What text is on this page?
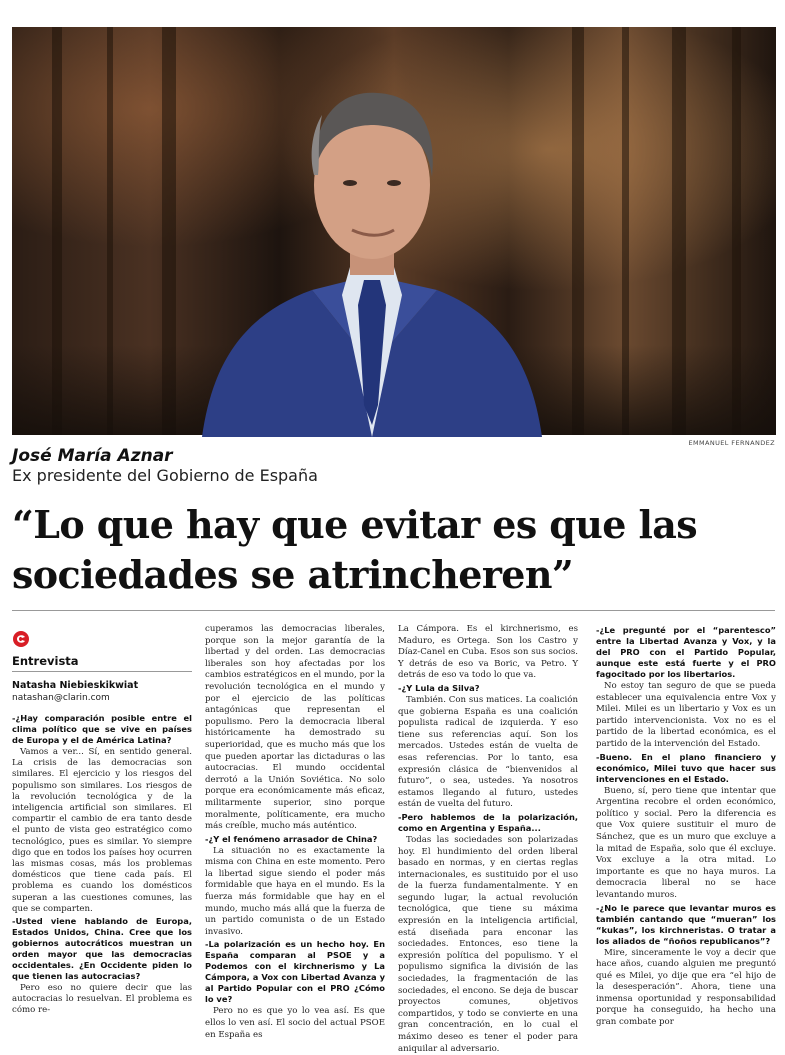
EMMANUEL FERNANDEZ
José María Aznar
Ex presidente del Gobierno de España
“Lo que hay que evitar es que las sociedades se atrincheren”
Entrevista
Natasha Niebieskikwiat
natashan@clarin.com
-¿Hay comparación posible entre el clima político que se vive en países de Europa y el de América Latina?

Vamos a ver... Sí, en sentido general. La crisis de las democracias son similares. El ejercicio y los riesgos del populismo son similares. Los riesgos de la revolución tecnológica y de la inteligencia artificial son similares. El compartir el cambio de era tanto desde el punto de vista geo estratégico como tecnológico, pues es similar. Yo siempre digo que en todos los países hoy ocurren las mismas cosas, más los problemas domésticos que tiene cada país. El problema es cuando los domésticos superan a las cuestiones comunes, las que se comparten.

-Usted viene hablando de Europa, Estados Unidos, China. Cree que los gobiernos autocráticos muestran un orden mayor que las democracias occidentales. ¿En Occidente piden lo que tienen las autocracias?

Pero eso no quiere decir que las autocracias lo resuelvan. El problema es cómo re-

cuperamos las democracias liberales, porque son la mejor garantía de la libertad y del orden. Las democracias liberales son hoy afectadas por los cambios estratégicos en el mundo, por la revolución tecnológica en el mundo y por el ejercicio de las políticas antagónicas que representan el populismo. Pero la democracia liberal históricamente ha demostrado su superioridad, que es mucho más que los que pueden aportar las dictaduras o las autocracias. El mundo occidental derrotó a la Unión Soviética. No solo porque era económicamente más eficaz, militarmente superior, sino porque moralmente, políticamente, era mucho más creíble, mucho más auténtico.

-¿Y el fenómeno arrasador de China?

La situación no es exactamente la misma con China en este momento. Pero la libertad sigue siendo el poder más formidable que haya en el mundo. Es la fuerza más formidable que hay en el mundo, mucho más allá que la fuerza de un partido comunista o de un Estado invasivo.

-La polarización es un hecho hoy. En España comparan al PSOE y a Podemos con el kirchnerismo y La Cámpora, a Vox con Libertad Avanza y al Partido Popular con el PRO ¿Cómo lo ve?

Pero no es que yo lo vea así. Es que ellos lo ven así. El socio del actual PSOE en España es

La Cámpora. Es el kirchnerismo, es Maduro, es Ortega. Son los Castro y Díaz-Canel en Cuba. Esos son sus socios. Y detrás de eso va Boric, va Petro. Y detrás de eso va todo lo que va.

-¿Y Lula da Silva?

También. Con sus matices. La coalición que gobierna España es una coalición populista radical de izquierda. Y eso tiene sus referencias aquí. Son los mercados. Ustedes están de vuelta de esas referencias. Por lo tanto, esa expresión clásica de “bienvenidos al futuro”, o sea, ustedes. Ya nosotros estamos llegando al futuro, ustedes están de vuelta del futuro.

-Pero hablemos de la polarización, como en Argentina y España...

Todas las sociedades son polarizadas hoy. El hundimiento del orden liberal basado en normas, y en ciertas reglas internacionales, es sustituido por el uso de la fuerza fundamentalmente. Y en segundo lugar, la actual revolución tecnológica, que tiene su máxima expresión en la inteligencia artificial, está diseñada para enconar las sociedades. Entonces, eso tiene la expresión política del populismo. Y el populismo significa la división de las sociedades, la fragmentación de las sociedades, el encono. Se deja de buscar proyectos comunes, objetivos compartidos, y todo se convierte en una gran concentración, en lo cual el máximo deseo es tener el poder para aniquilar al adversario.

-¿Le pregunté por el “parentesco” entre la Libertad Avanza y Vox, y la del PRO con el Partido Popular, aunque este está fuerte y el PRO fagocitado por los libertarios.

No estoy tan seguro de que se pueda establecer una equivalencia entre Vox y Milei. Milei es un libertario y Vox es un partido intervencionista. Vox no es el partido de la libertad económica, es el partido de la intervención del Estado.

-Bueno. En el plano financiero y económico, Milei tuvo que hacer sus intervenciones en el Estado.

Bueno, sí, pero tiene que intentar que Argentina recobre el orden económico, político y social. Pero la diferencia es que Vox quiere sustituir el muro de Sánchez, que es un muro que excluye a la mitad de España, solo que él excluye. Vox excluye a la otra mitad. Lo importante es que no haya muros. La democracia liberal no se hace levantando muros.

-¿No le parece que levantar muros es también cantando que “mueran” los “kukas”, los kirchneristas. O tratar a los aliados de “ñoños republicanos”?

Mire, sinceramente le voy a decir que hace años, cuando alguien me preguntó qué es Milei, yo dije que era “el hijo de la desesperación”. Ahora, tiene una inmensa oportunidad y responsabilidad porque ha conseguido, ha hecho una gran combate por
